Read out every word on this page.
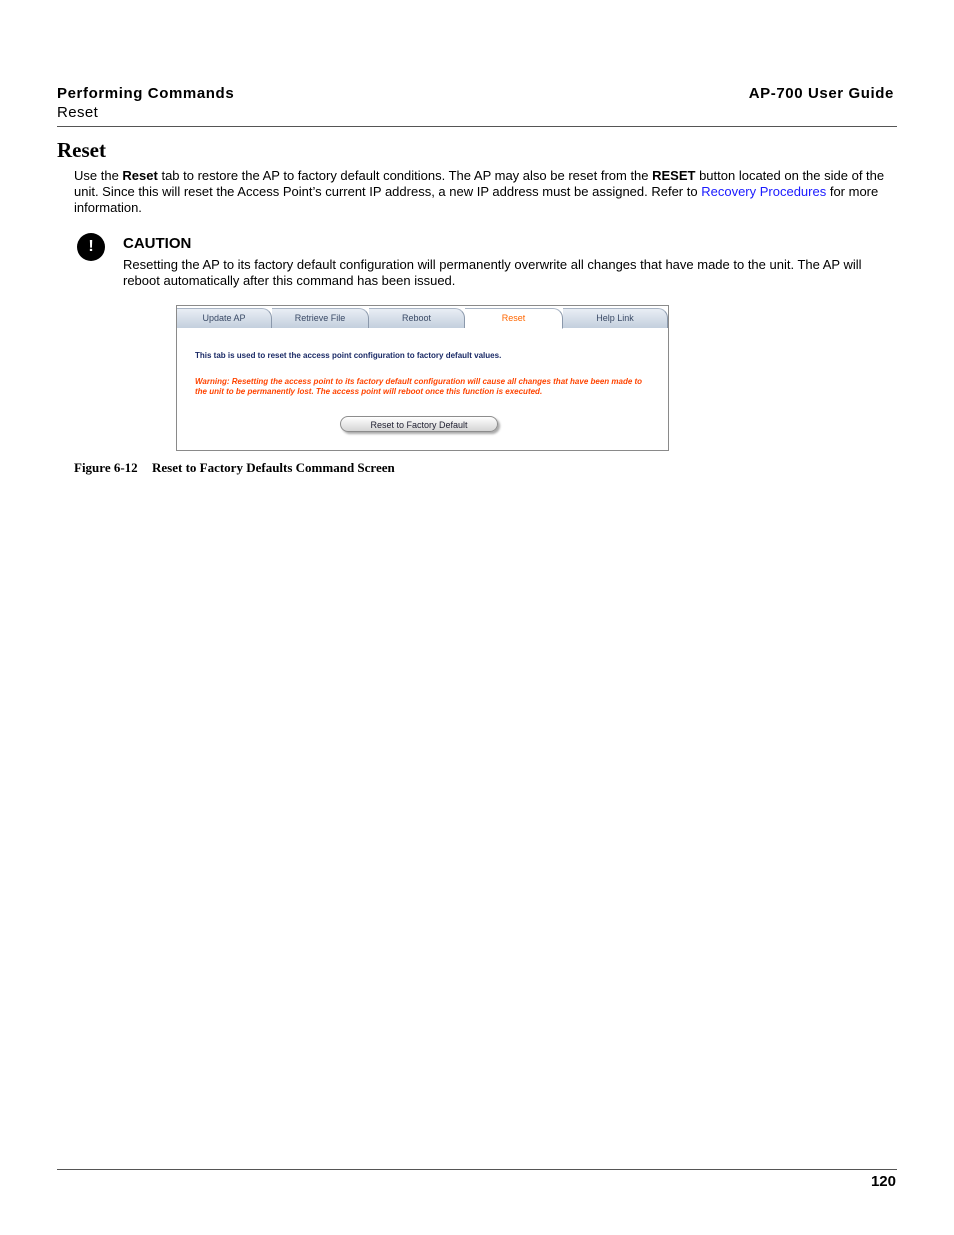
Performing Commands
Reset
AP-700 User Guide
Reset
Use the Reset tab to restore the AP to factory default conditions. The AP may also be reset from the RESET button located on the side of the unit. Since this will reset the Access Point’s current IP address, a new IP address must be assigned. Refer to Recovery Procedures for more information.
!	CAUTION
Resetting the AP to its factory default configuration will permanently overwrite all changes that have made to the unit. The AP will reboot automatically after this command has been issued.
Update AP	Retrieve File	Reboot	Reset	Help Link
This tab is used to reset the access point configuration to factory default values.
Warning: Resetting the access point to its factory default configuration will cause all changes that have been made to the unit to be permanently lost. The access point will reboot once this function is executed.
Reset to Factory Default
Figure 6-12 Reset to Factory Defaults Command Screen
120
